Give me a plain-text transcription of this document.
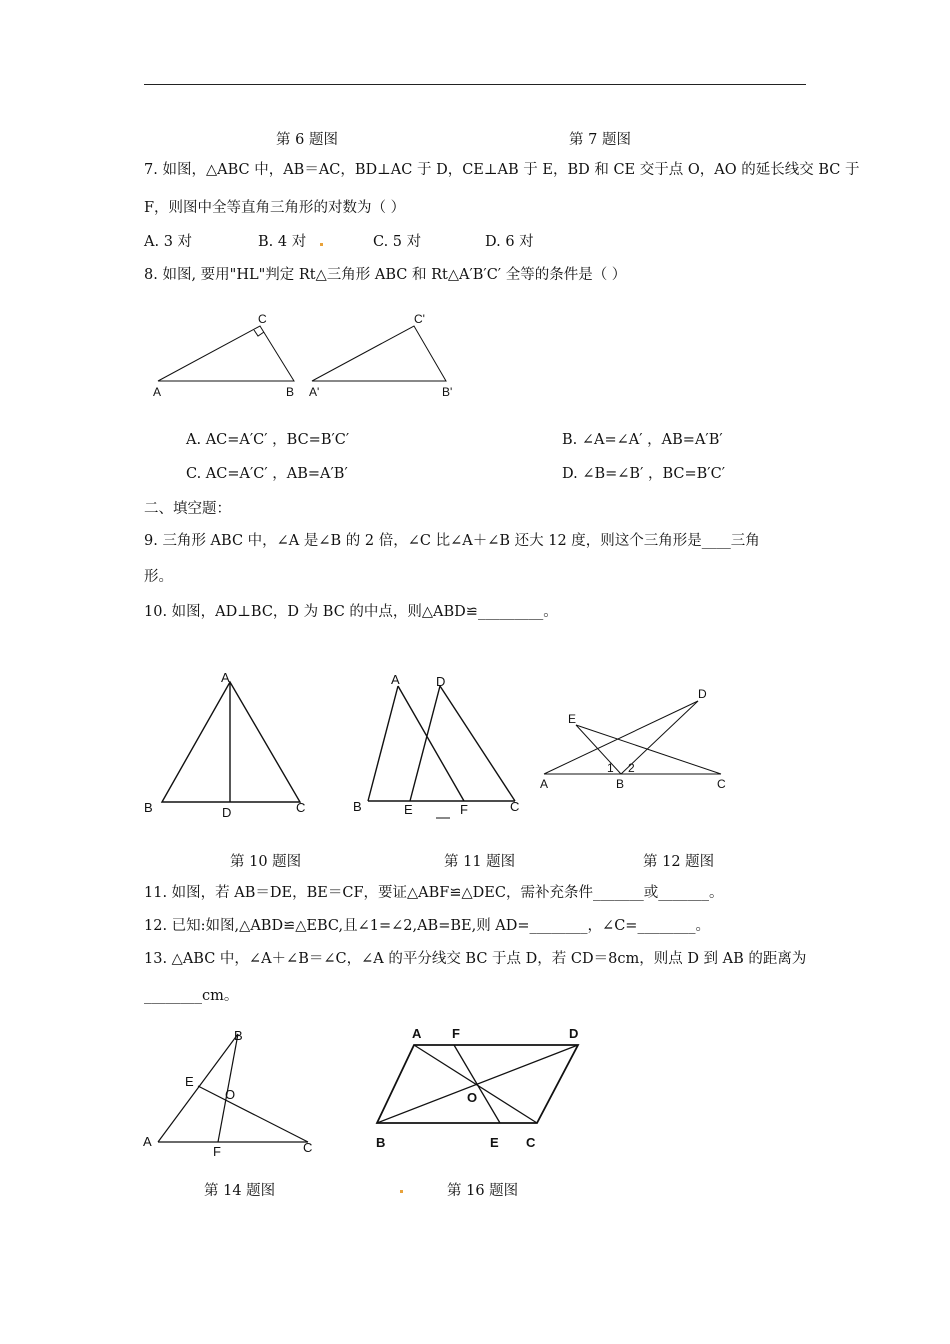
第 6 题图	第 7 题图
7. 如图，△ABC 中，AB＝AC，BD⊥AC 于 D，CE⊥AB 于 E，BD 和 CE 交于点 O，AO 的延长线交 BC 于
F，则图中全等直角三角形的对数为（ ）
A. 3 对	B. 4 对	C. 5 对	D. 6 对
8. 如图, 要用"HL"判定 Rt△三角形 ABC 和 Rt△A′B′C′ 全等的条件是（ ）
A	B
C
A'	B'
C'
A. AC=A′C′ ，BC=B′C′	B. ∠A=∠A′ ，AB=A′B′
C. AC=A′C′ ，AB=A′B′	D. ∠B=∠B′ ，BC=B′C′
二、填空题：
9. 三角形 ABC 中，∠A 是∠B 的 2 倍，∠C 比∠A＋∠B 还大 12 度，则这个三角形是____三角
形。
10. 如图，AD⊥BC，D 为 BC 的中点，则△ABD≌_________。
A
B	C
D
A	D
B	E	F	C
E
D
A	B	C
1 2
第 10 题图	第 11 题图	第 12 题图
11. 如图，若 AB＝DE，BE＝CF，要证△ABF≌△DEC，需补充条件_______或_______。
12. 已知:如图,△ABD≌△EBC,且∠1=∠2,AB=BE,则 AD=________，∠C=________。
13. △ABC 中，∠A＋∠B＝∠C，∠A 的平分线交 BC 于点 D，若 CD＝8cm，则点 D 到 AB 的距离为
________cm。
B
E
O
A
F	C
A F	D
O
B	E C
第 14 题图	第 16 题图
